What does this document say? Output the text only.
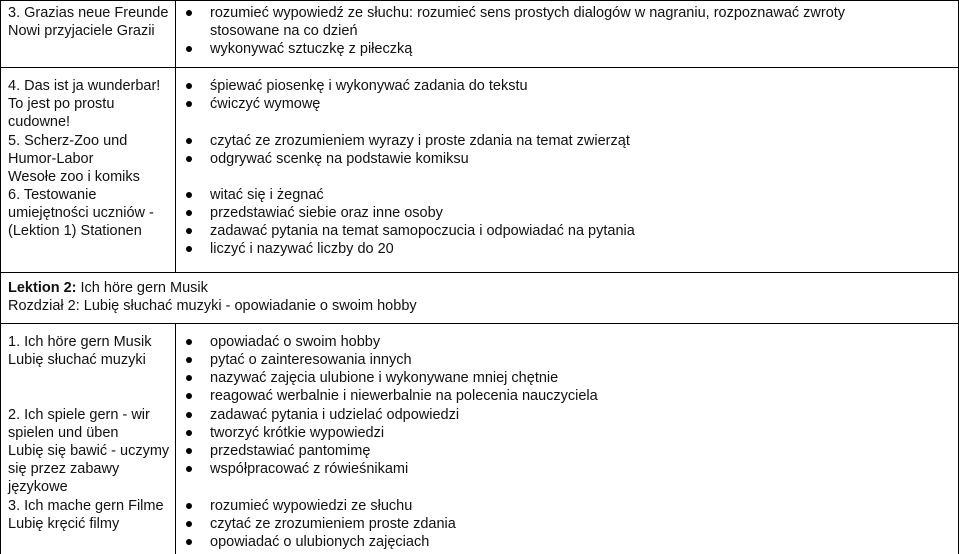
3. Grazias neue Freunde
Nowi przyjaciele Grazii
4. Das ist ja wunderbar!
To jest po prostu
cudowne!
5. Scherz-Zoo und
Humor-Labor
Wesołe zoo i komiks
6. Testowanie
umiejętności uczniów -
(Lektion 1) Stationen
rozumieć wypowiedź ze słuchu: rozumieć sens prostych dialogów w nagraniu, rozpoznawać zwroty
stosowane na co dzień
wykonywać sztuczkę z piłeczką
śpiewać piosenkę i wykonywać zadania do tekstu
ćwiczyć wymowę
czytać ze zrozumieniem wyrazy i proste zdania na temat zwierząt
odgrywać scenkę na podstawie komiksu
witać się i żegnać
przedstawiać siebie oraz inne osoby
zadawać pytania na temat samopoczucia i odpowiadać na pytania
liczyć i nazywać liczby do 20
Lektion 2: Ich höre gern Musik
Rozdział 2: Lubię słuchać muzyki - opowiadanie o swoim hobby
1. Ich höre gern Musik
Lubię słuchać muzyki
2. Ich spiele gern - wir
spielen und üben
Lubię się bawić - uczymy
się przez zabawy
językowe
3. Ich mache gern Filme
Lubię kręcić filmy
opowiadać o swoim hobby
pytać o zainteresowania innych
nazywać zajęcia ulubione i wykonywane mniej chętnie
reagować werbalnie i niewerbalnie na polecenia nauczyciela
zadawać pytania i udzielać odpowiedzi
tworzyć krótkie wypowiedzi
przedstawiać pantomimę
współpracować z rówieśnikami
rozumieć wypowiedzi ze słuchu
czytać ze zrozumieniem proste zdania
opowiadać o ulubionych zajęciach
